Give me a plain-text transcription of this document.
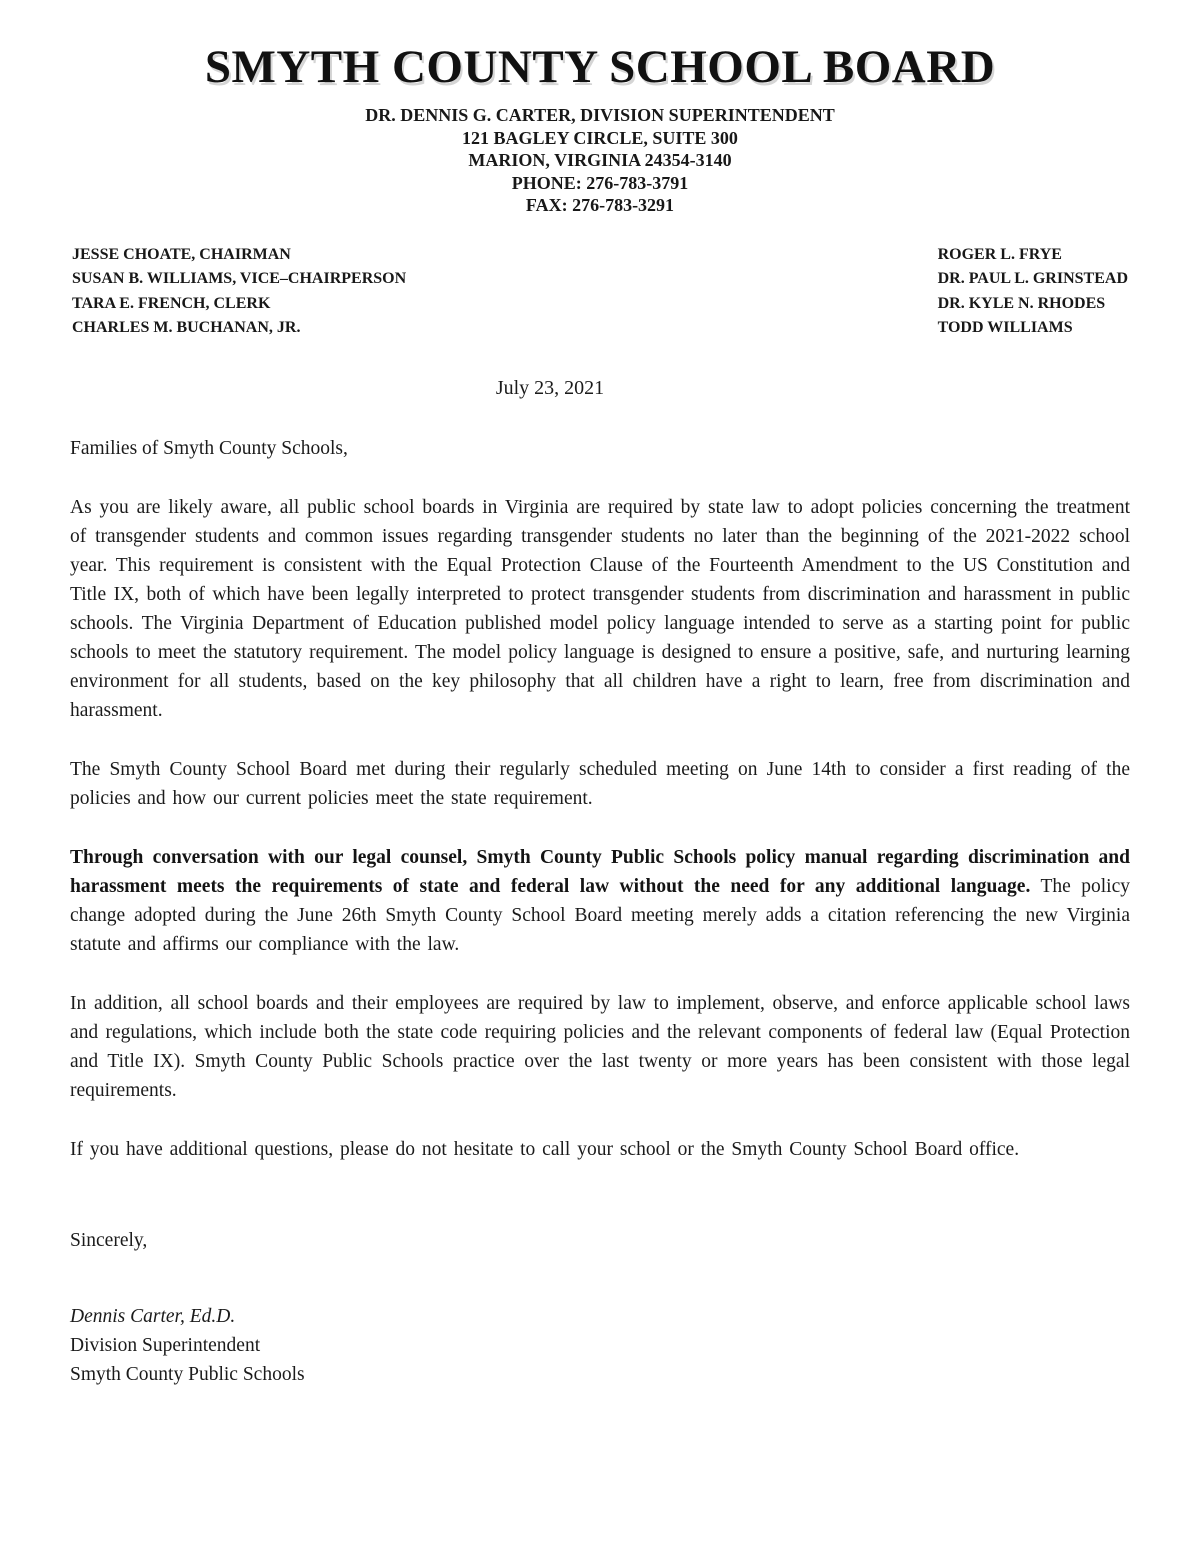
SMYTH COUNTY SCHOOL BOARD
DR. DENNIS G. CARTER, DIVISION SUPERINTENDENT
121 BAGLEY CIRCLE, SUITE 300
MARION, VIRGINIA 24354-3140
PHONE: 276-783-3791
FAX: 276-783-3291
JESSE CHOATE, CHAIRMAN
SUSAN B. WILLIAMS, VICE–CHAIRPERSON
TARA E. FRENCH, CLERK
CHARLES M. BUCHANAN, JR.
ROGER L. FRYE
DR. PAUL L. GRINSTEAD
DR. KYLE N. RHODES
TODD WILLIAMS
July 23, 2021

Families of Smyth County Schools,

As you are likely aware, all public school boards in Virginia are required by state law to adopt policies concerning the treatment of transgender students and common issues regarding transgender students no later than the beginning of the 2021-2022 school year. This requirement is consistent with the Equal Protection Clause of the Fourteenth Amendment to the US Constitution and Title IX, both of which have been legally interpreted to protect transgender students from discrimination and harassment in public schools. The Virginia Department of Education published model policy language intended to serve as a starting point for public schools to meet the statutory requirement. The model policy language is designed to ensure a positive, safe, and nurturing learning environment for all students, based on the key philosophy that all children have a right to learn, free from discrimination and harassment.

The Smyth County School Board met during their regularly scheduled meeting on June 14th to consider a first reading of the policies and how our current policies meet the state requirement.

Through conversation with our legal counsel, Smyth County Public Schools policy manual regarding discrimination and harassment meets the requirements of state and federal law without the need for any additional language. The policy change adopted during the June 26th Smyth County School Board meeting merely adds a citation referencing the new Virginia statute and affirms our compliance with the law.

In addition, all school boards and their employees are required by law to implement, observe, and enforce applicable school laws and regulations, which include both the state code requiring policies and the relevant components of federal law (Equal Protection and Title IX). Smyth County Public Schools practice over the last twenty or more years has been consistent with those legal requirements.

If you have additional questions, please do not hesitate to call your school or the Smyth County School Board office.

Sincerely,

Dennis Carter, Ed.D.

Division Superintendent

Smyth County Public Schools
